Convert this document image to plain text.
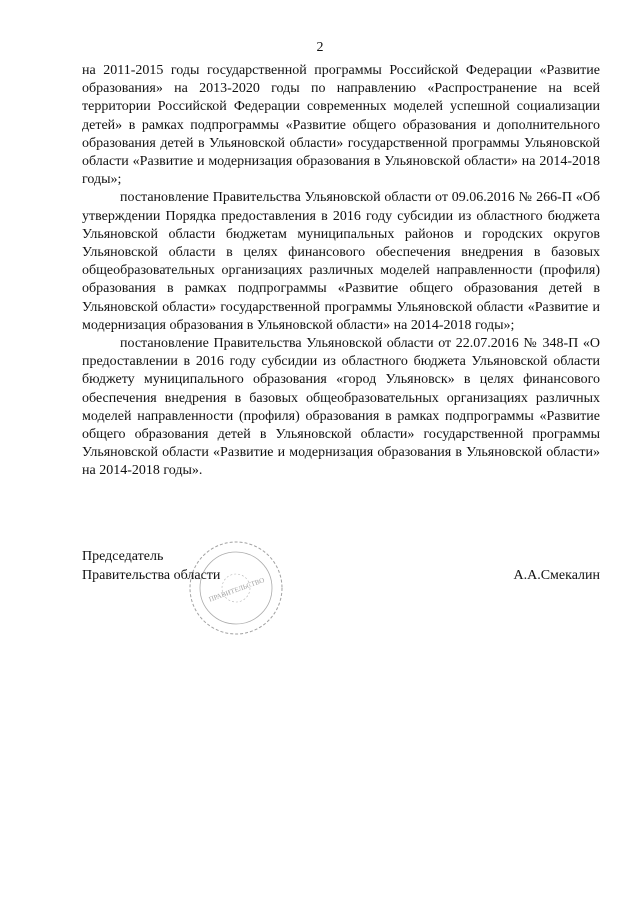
2

на 2011-2015 годы государственной программы Российской Федерации «Развитие образования» на 2013-2020 годы по направлению «Распространение на всей территории Российской Федерации современных моделей успешной социализации детей» в рамках подпрограммы «Развитие общего образования и дополнительного образования детей в Ульяновской области» государственной программы Ульяновской области «Развитие и модернизация образования в Ульяновской области» на 2014-2018 годы»;

постановление Правительства Ульяновской области от 09.06.2016 № 266-П «Об утверждении Порядка предоставления в 2016 году субсидии из областного бюджета Ульяновской области бюджетам муниципальных районов и городских округов Ульяновской области в целях финансового обеспечения внедрения в базовых общеобразовательных организациях различных моделей направленности (профиля) образования в рамках подпрограммы «Развитие общего образования детей в Ульяновской области» государственной программы Ульяновской области «Развитие и модернизация образования в Ульяновской области» на 2014-2018 годы»;

постановление Правительства Ульяновской области от 22.07.2016 № 348-П «О предоставлении в 2016 году субсидии из областного бюджета Ульяновской области бюджету муниципального образования «город Ульяновск» в целях финансового обеспечения внедрения в базовых общеобразовательных организациях различных моделей направленности (профиля) образования в рамках подпрограммы «Развитие общего образования детей в Ульяновской области» государственной программы Ульяновской области «Развитие и модернизация образования в Ульяновской области» на 2014-2018 годы».

Председатель
Правительства области
ПРАВИТЕЛЬСТВО
А.А.Смекалин
